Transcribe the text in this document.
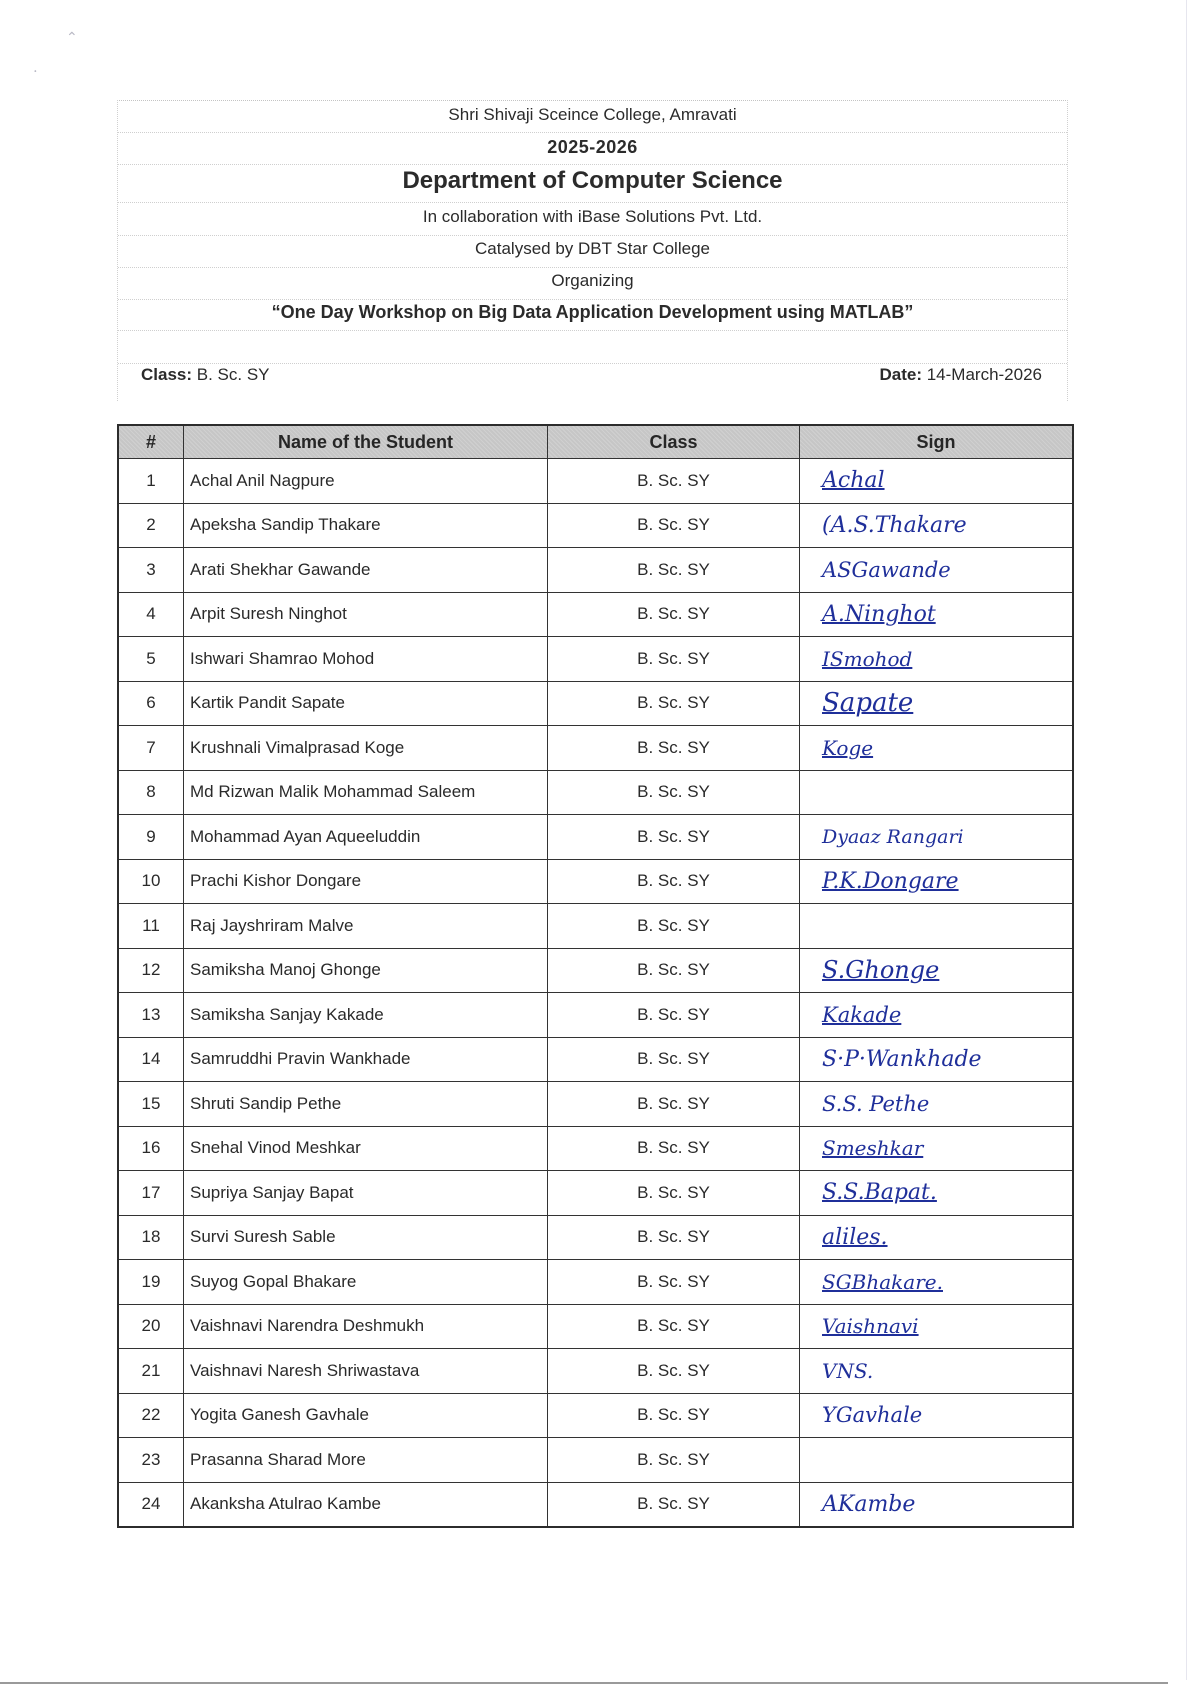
⌃
․
Shri Shivaji Sceince College, Amravati
2025-2026
Department of Computer Science
In collaboration with iBase Solutions Pvt. Ltd.
Catalysed by DBT Star College
Organizing
“One Day Workshop on Big Data Application Development using MATLAB”
Class: B. Sc. SY	Date: 14-March-2026
#	Name of the Student	Class	Sign
1	Achal Anil Nagpure	B. Sc. SY	Achal
2	Apeksha Sandip Thakare	B. Sc. SY	(A.S.Thakare
3	Arati Shekhar Gawande	B. Sc. SY	ASGawande
4	Arpit Suresh Ninghot	B. Sc. SY	A.Ninghot
5	Ishwari Shamrao Mohod	B. Sc. SY	ISmohod
6	Kartik Pandit Sapate	B. Sc. SY	Sapate
7	Krushnali Vimalprasad Koge	B. Sc. SY	Koge
8	Md Rizwan Malik Mohammad Saleem	B. Sc. SY	
9	Mohammad Ayan Aqueeluddin	B. Sc. SY	Dyaaz Rangari
10	Prachi Kishor Dongare	B. Sc. SY	P.K.Dongare
11	Raj Jayshriram Malve	B. Sc. SY	
12	Samiksha Manoj Ghonge	B. Sc. SY	S.Ghonge
13	Samiksha Sanjay Kakade	B. Sc. SY	Kakade
14	Samruddhi Pravin Wankhade	B. Sc. SY	S·P·Wankhade
15	Shruti Sandip Pethe	B. Sc. SY	S.S. Pethe
16	Snehal Vinod Meshkar	B. Sc. SY	Smeshkar
17	Supriya Sanjay Bapat	B. Sc. SY	S.S.Bapat.
18	Survi Suresh Sable	B. Sc. SY	aliles.
19	Suyog Gopal Bhakare	B. Sc. SY	SGBhakare.
20	Vaishnavi Narendra Deshmukh	B. Sc. SY	Vaishnavi
21	Vaishnavi Naresh Shriwastava	B. Sc. SY	VNS.
22	Yogita Ganesh Gavhale	B. Sc. SY	YGavhale
23	Prasanna Sharad More	B. Sc. SY	
24	Akanksha Atulrao Kambe	B. Sc. SY	AKambe
